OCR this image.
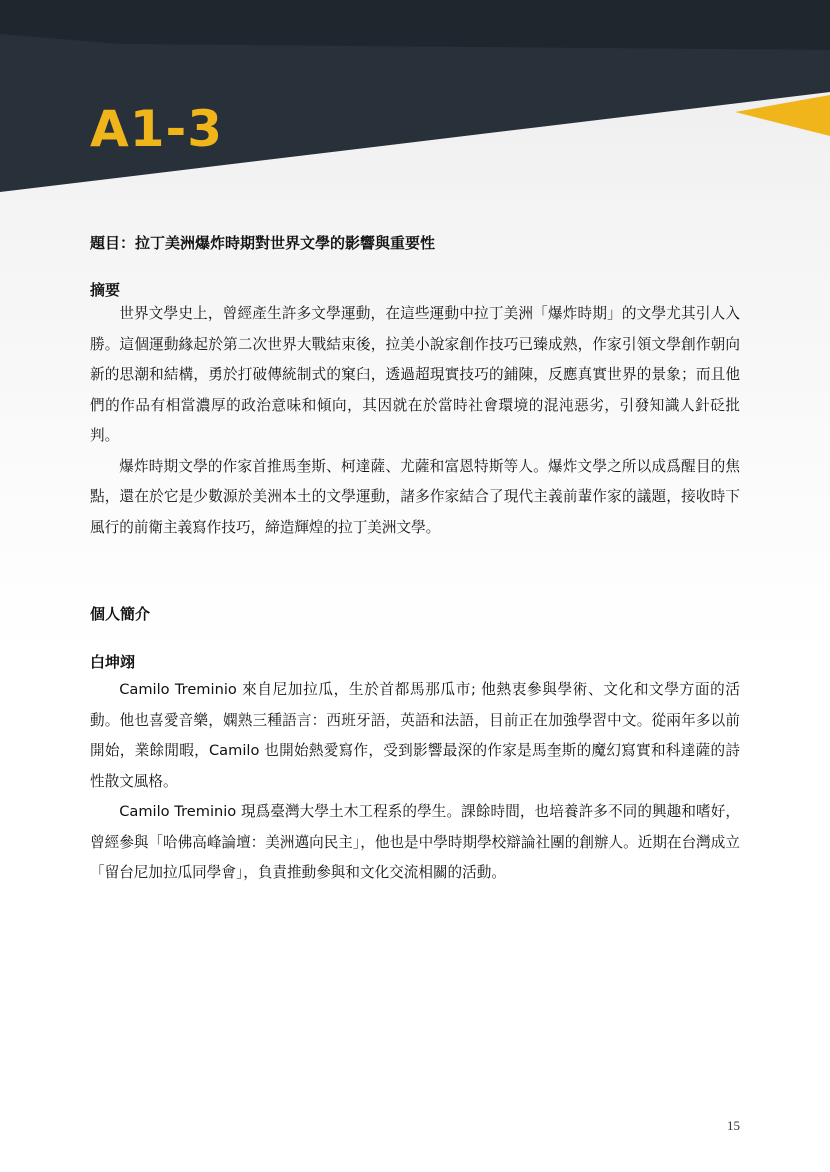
A1-3
題目：拉丁美洲爆炸時期對世界文學的影響與重要性
摘要

世界文學史上，曾經產生許多文學運動，在這些運動中拉丁美洲「爆炸時期」的文學尤其引人入勝。這個運動緣起於第二次世界大戰結束後，拉美小說家創作技巧已臻成熟，作家引領文學創作朝向新的思潮和結構，勇於打破傳統制式的窠臼，透過超現實技巧的鋪陳，反應真實世界的景象；而且他們的作品有相當濃厚的政治意味和傾向，其因就在於當時社會環境的混沌惡劣，引發知識人針砭批判。

爆炸時期文學的作家首推馬奎斯、柯達薩、尤薩和富恩特斯等人。爆炸文學之所以成爲醒目的焦點，還在於它是少數源於美洲本土的文學運動，諸多作家結合了現代主義前輩作家的議題，接收時下風行的前衛主義寫作技巧，締造輝煌的拉丁美洲文學。

個人簡介
白坤翊

Camilo Treminio 來自尼加拉瓜，生於首都馬那瓜市; 他熱衷參與學術、文化和文學方面的活動。他也喜愛音樂，嫻熟三種語言：西班牙語，英語和法語，目前正在加強學習中文。從兩年多以前開始，業餘閒暇，Camilo 也開始熱愛寫作，受到影響最深的作家是馬奎斯的魔幻寫實和科達薩的詩性散文風格。

Camilo Treminio 現爲臺灣大學土木工程系的學生。課餘時間，也培養許多不同的興趣和嗜好，曾經參與「哈佛高峰論壇：美洲邁向民主」，他也是中學時期學校辯論社團的創辦人。近期在台灣成立「留台尼加拉瓜同學會」，負責推動參與和文化交流相關的活動。

15
